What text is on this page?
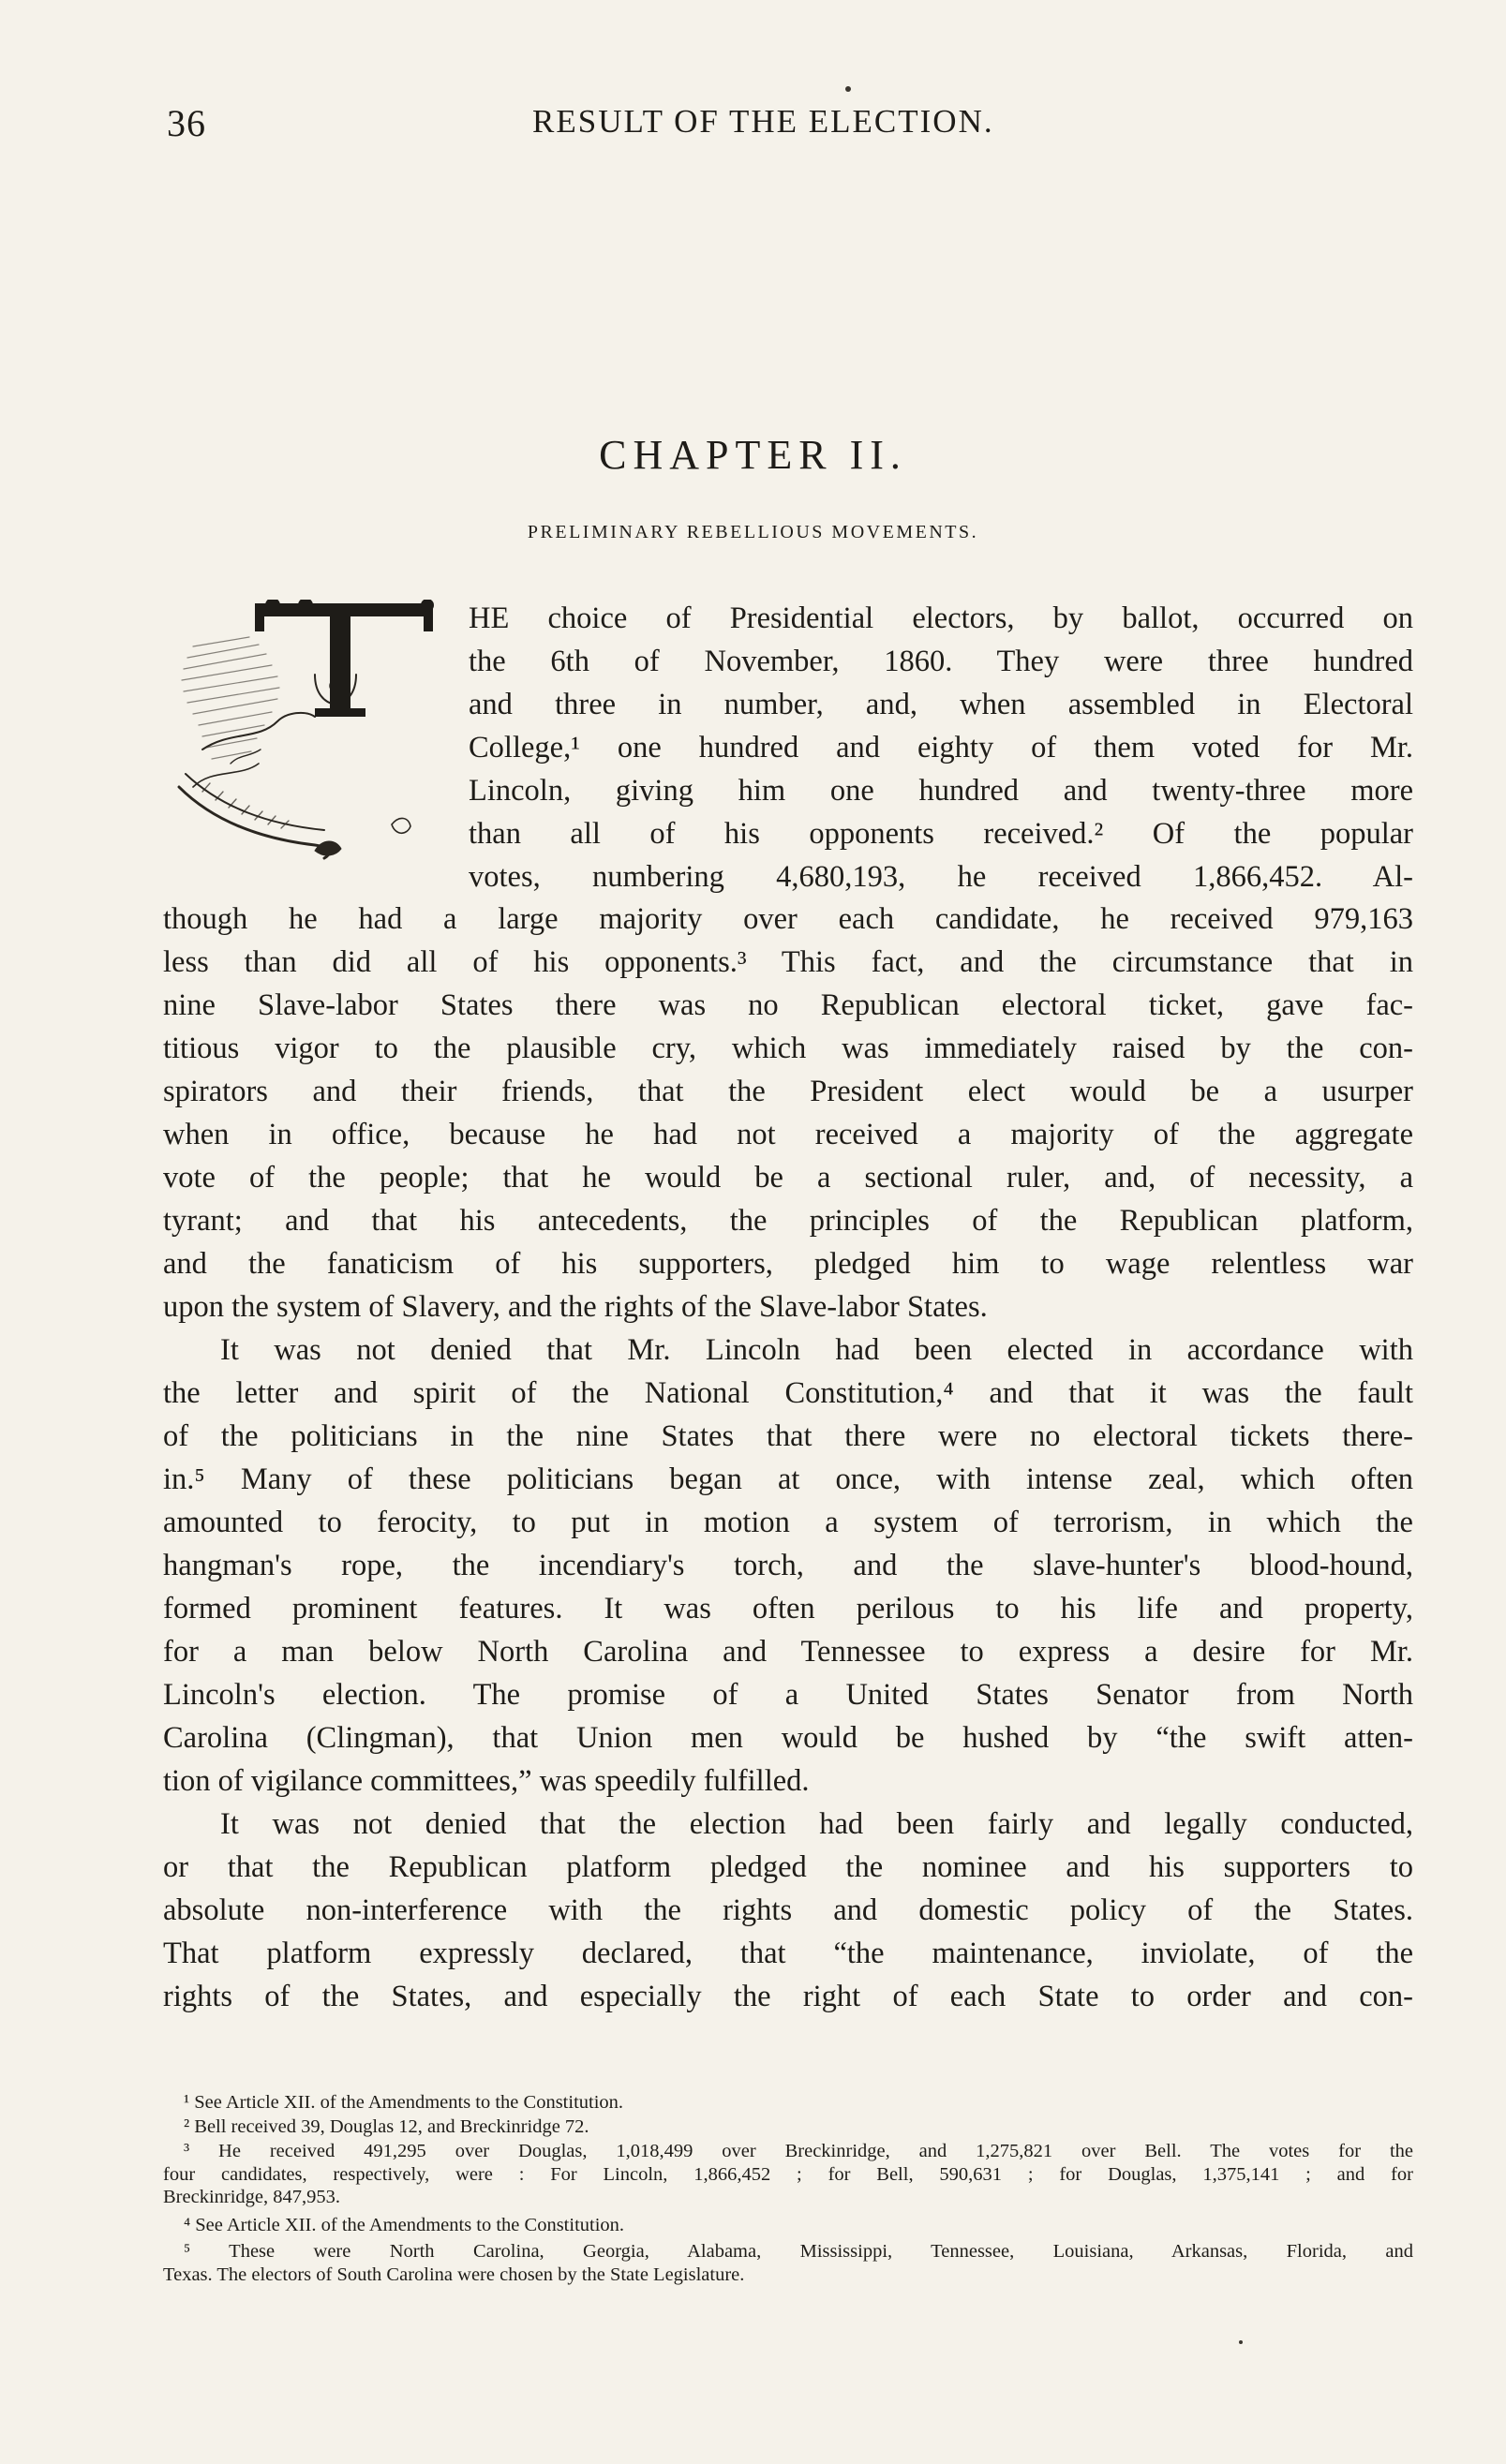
36	RESULT OF THE ELECTION.
CHAPTER II.
PRELIMINARY REBELLIOUS MOVEMENTS.
HE choice of Presidential electors, by ballot, occurred on
the 6th of November, 1860. They were three hundred
and three in number, and, when assembled in Electoral
College,¹ one hundred and eighty of them voted for Mr.
Lincoln, giving him one hundred and twenty-three more
than all of his opponents received.² Of the popular
votes, numbering 4,680,193, he received 1,866,452. Al-
though he had a large majority over each candidate, he received 979,163
less than did all of his opponents.³ This fact, and the circumstance that in
nine Slave-labor States there was no Republican electoral ticket, gave fac-
titious vigor to the plausible cry, which was immediately raised by the con-
spirators and their friends, that the President elect would be a usurper
when in office, because he had not received a majority of the aggregate
vote of the people; that he would be a sectional ruler, and, of necessity, a
tyrant; and that his antecedents, the principles of the Republican platform,
and the fanaticism of his supporters, pledged him to wage relentless war
upon the system of Slavery, and the rights of the Slave-labor States.
It was not denied that Mr. Lincoln had been elected in accordance with
the letter and spirit of the National Constitution,⁴ and that it was the fault
of the politicians in the nine States that there were no electoral tickets there-
in.⁵ Many of these politicians began at once, with intense zeal, which often
amounted to ferocity, to put in motion a system of terrorism, in which the
hangman's rope, the incendiary's torch, and the slave-hunter's blood-hound,
formed prominent features. It was often perilous to his life and property,
for a man below North Carolina and Tennessee to express a desire for Mr.
Lincoln's election. The promise of a United States Senator from North
Carolina (Clingman), that Union men would be hushed by “the swift atten-
tion of vigilance committees,” was speedily fulfilled.
It was not denied that the election had been fairly and legally conducted,
or that the Republican platform pledged the nominee and his supporters to
absolute non-interference with the rights and domestic policy of the States.
That platform expressly declared, that “the maintenance, inviolate, of the
rights of the States, and especially the right of each State to order and con-
¹ See Article XII. of the Amendments to the Constitution.
² Bell received 39, Douglas 12, and Breckinridge 72.
³ He received 491,295 over Douglas, 1,018,499 over Breckinridge, and 1,275,821 over Bell. The votes for the
four candidates, respectively, were : For Lincoln, 1,866,452 ; for Bell, 590,631 ; for Douglas, 1,375,141 ; and for
Breckinridge, 847,953.
⁴ See Article XII. of the Amendments to the Constitution.
⁵ These were North Carolina, Georgia, Alabama, Mississippi, Tennessee, Louisiana, Arkansas, Florida, and
Texas. The electors of South Carolina were chosen by the State Legislature.
